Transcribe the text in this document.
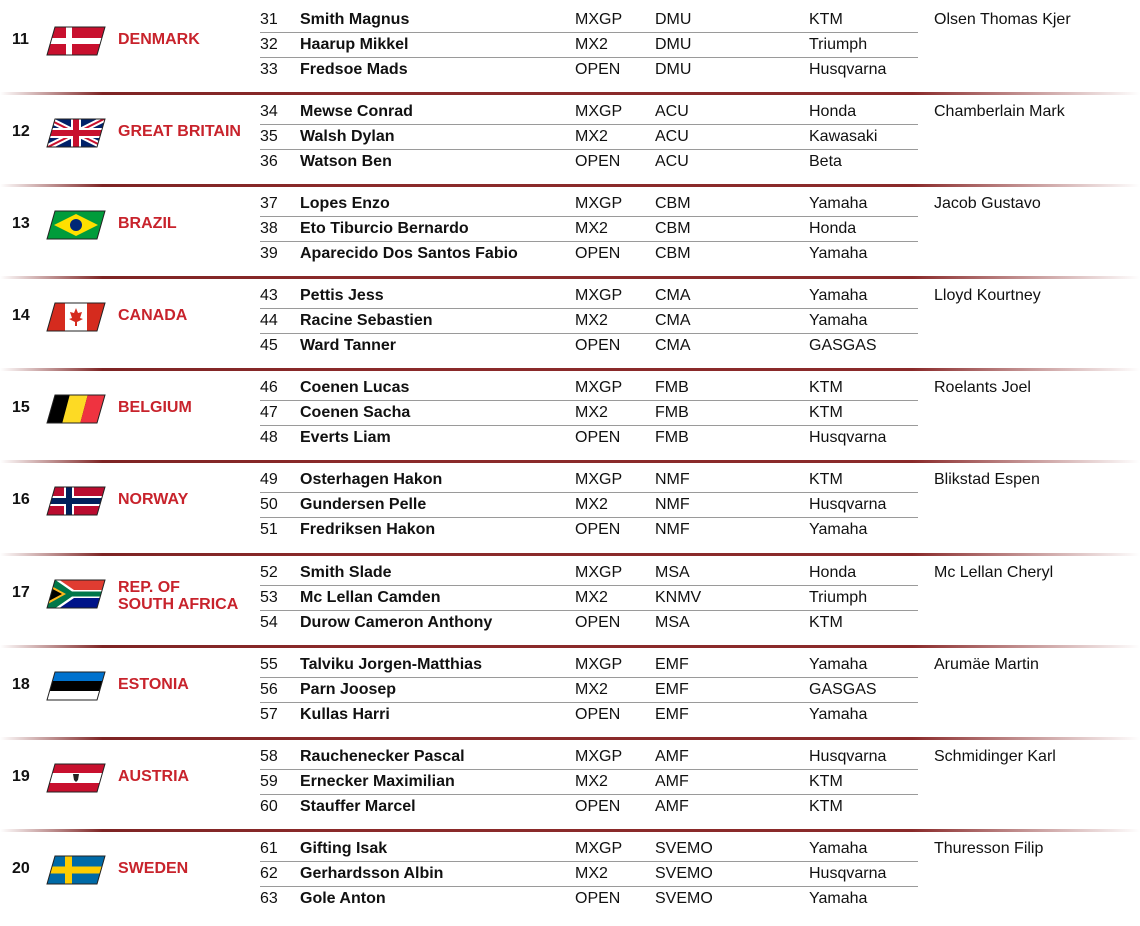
11	DENMARK
31 Smith Magnus	MXGP DMU	KTM
32 Haarup Mikkel	MX2	DMU	Triumph
33 Fredsoe Mads	OPEN DMU	Husqvarna
Olsen Thomas Kjer
12	GREAT BRITAIN
34 Mewse Conrad	MXGP ACU	Honda
35 Walsh Dylan	MX2	ACU	Kawasaki
36 Watson Ben	OPEN ACU	Beta
Chamberlain Mark
13	BRAZIL
37 Lopes Enzo	MXGP CBM	Yamaha
38 Eto Tiburcio Bernardo	MX2	CBM	Honda
39 Aparecido Dos Santos Fabio	OPEN CBM	Yamaha
Jacob Gustavo
14	CANADA
43 Pettis Jess	MXGP CMA	Yamaha
44 Racine Sebastien	MX2	CMA	Yamaha
45 Ward Tanner	OPEN CMA	GASGAS
Lloyd Kourtney
15	BELGIUM
46 Coenen Lucas	MXGP FMB	KTM
47 Coenen Sacha	MX2	FMB	KTM
48 Everts Liam	OPEN FMB	Husqvarna
Roelants Joel
16	NORWAY
49 Osterhagen Hakon	MXGP NMF	KTM
50 Gundersen Pelle	MX2	NMF	Husqvarna
51 Fredriksen Hakon	OPEN NMF	Yamaha
Blikstad Espen
17	REP. OF
SOUTH AFRICA
52 Smith Slade	MXGP MSA	Honda
53 Mc Lellan Camden	MX2	KNMV	Triumph
54 Durow Cameron Anthony	OPEN MSA	KTM
Mc Lellan Cheryl
18	ESTONIA
55 Talviku Jorgen-Matthias	MXGP EMF	Yamaha
56 Parn Joosep	MX2	EMF	GASGAS
57 Kullas Harri	OPEN EMF	Yamaha
Arumäe Martin
19	AUSTRIA
58 Rauchenecker Pascal	MXGP AMF	Husqvarna
59 Ernecker Maximilian	MX2	AMF	KTM
60 Stauffer Marcel	OPEN AMF	KTM
Schmidinger Karl
20	SWEDEN
61 Gifting Isak	MXGP SVEMO	Yamaha
62 Gerhardsson Albin	MX2	SVEMO	Husqvarna
63 Gole Anton	OPEN SVEMO	Yamaha
Thuresson Filip
